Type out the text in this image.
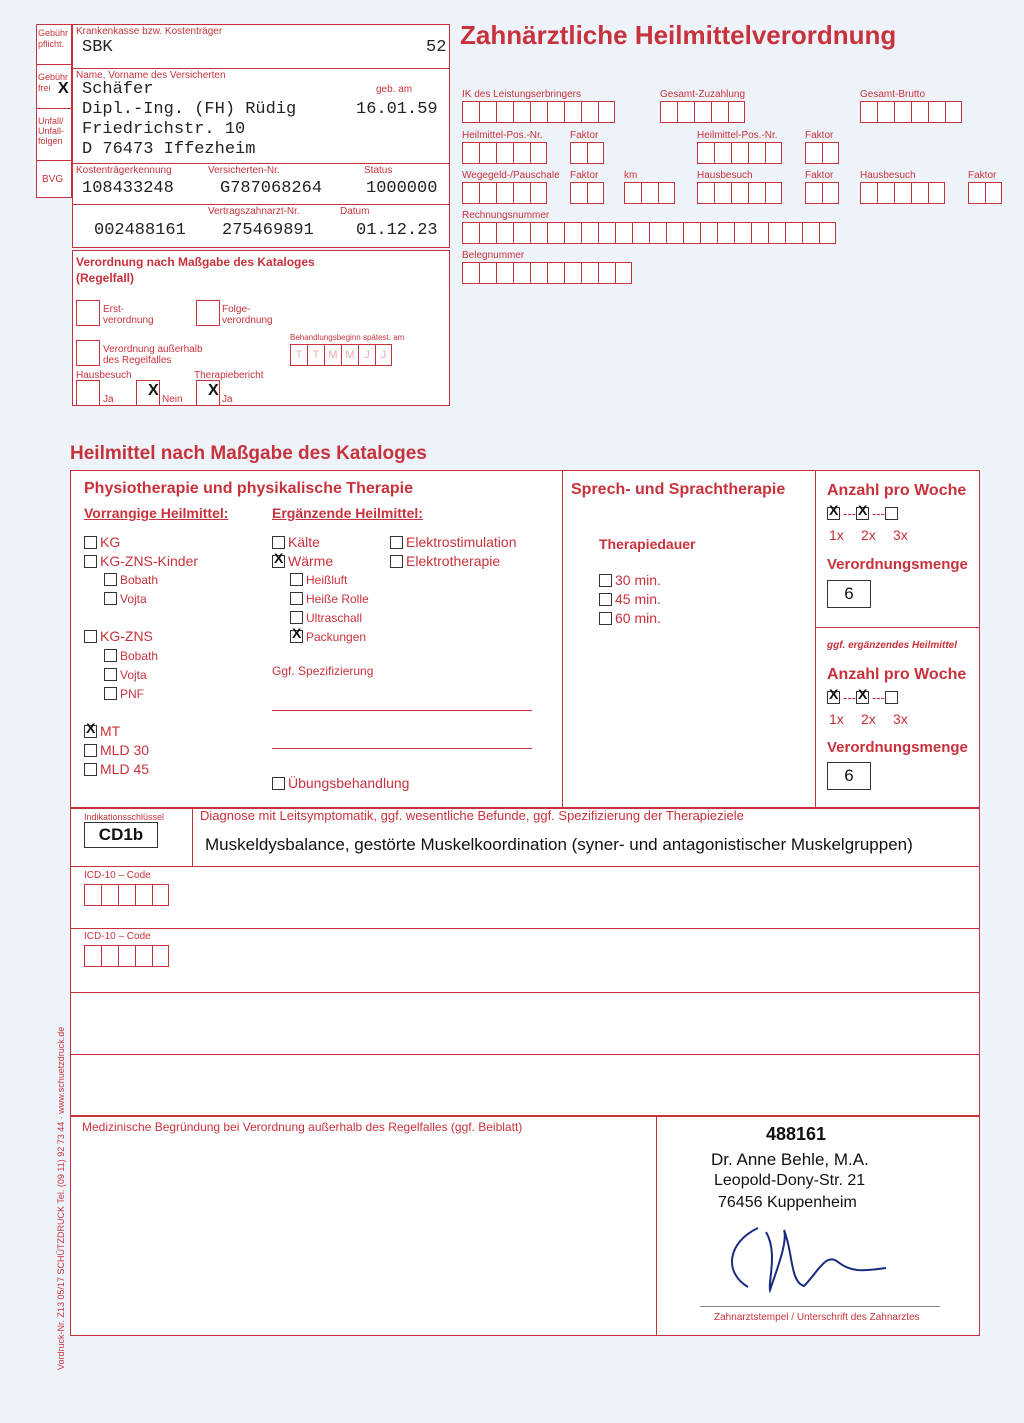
Zahnärztliche Heilmittelverordnung
Gebühr pflicht.
Gebühr frei X
Unfall/ Unfall- folgen
BVG
Krankenkasse bzw. Kostenträger
SBK	52
Name, Vorname des Versicherten
geb. am
Schäfer
Dipl.-Ing. (FH) Rüdig	16.01.59
Friedrichstr. 10
D 76473 Iffezheim
Kostenträgerkennung	Versicherten-Nr.	Status
108433248	G787068264	1000000
Vertragszahnarzt-Nr.	Datum
002488161 275469891 01.12.23
Verordnung nach Maßgabe des Kataloges (Regelfall)
Erst- verordnung
Folge- verordnung
Verordnung außerhalb des Regelfalles
Behandlungsbeginn spätest. am
T T M M J	J
Hausbesuch	Therapiebericht
Ja
X
Nein
X
Ja
IK des Leistungserbringers	Gesamt-Zuzahlung	Gesamt-Brutto
Heilmittel-Pos.-Nr.	Faktor	Heilmittel-Pos.-Nr.	Faktor
Wegegeld-/Pauschale Faktor	km	Hausbesuch	Faktor	Hausbesuch	Faktor
Rechnungsnummer
Belegnummer
Heilmittel nach Maßgabe des Kataloges
Physiotherapie und physikalische Therapie
Vorrangige Heilmittel:	Ergänzende Heilmittel:
KG
KG-ZNS-Kinder
Bobath
Vojta
KG-ZNS
Bobath
Vojta
PNF
XMT
MLD 30
MLD 45
Kälte
XWärme
Heißluft
Heiße Rolle
Ultraschall
XPackungen
Elektrostimulation
Elektrotherapie
Ggf. Spezifizierung
Übungsbehandlung
Sprech- und Sprachtherapie
Therapiedauer
30 min.
45 min.
60 min.
Anzahl pro Woche
X--- X ---
1x 2x 3x
Verordnungsmenge
6
ggf. ergänzendes Heilmittel
Anzahl pro Woche
X--- X ---
1x 2x 3x
Verordnungsmenge
6
Indikationsschlüssel
CD1b
Diagnose mit Leitsymptomatik, ggf. wesentliche Befunde, ggf. Spezifizierung der Therapieziele
Muskeldysbalance, gestörte Muskelkoordination (syner- und antagonistischer Muskelgruppen)
ICD-10 – Code
ICD-10 – Code
Medizinische Begründung bei Verordnung außerhalb des Regelfalles (ggf. Beiblatt)	488161
Dr. Anne Behle, M.A.
Leopold-Dony-Str. 21
76456 Kuppenheim
Zahnarztstempel / Unterschrift des Zahnarztes
Vordruck-Nr. Z13 05/17 SCHÜTZDRUCK Tel. (09 11) 92 73 44 · www.schuetzdruck.de
